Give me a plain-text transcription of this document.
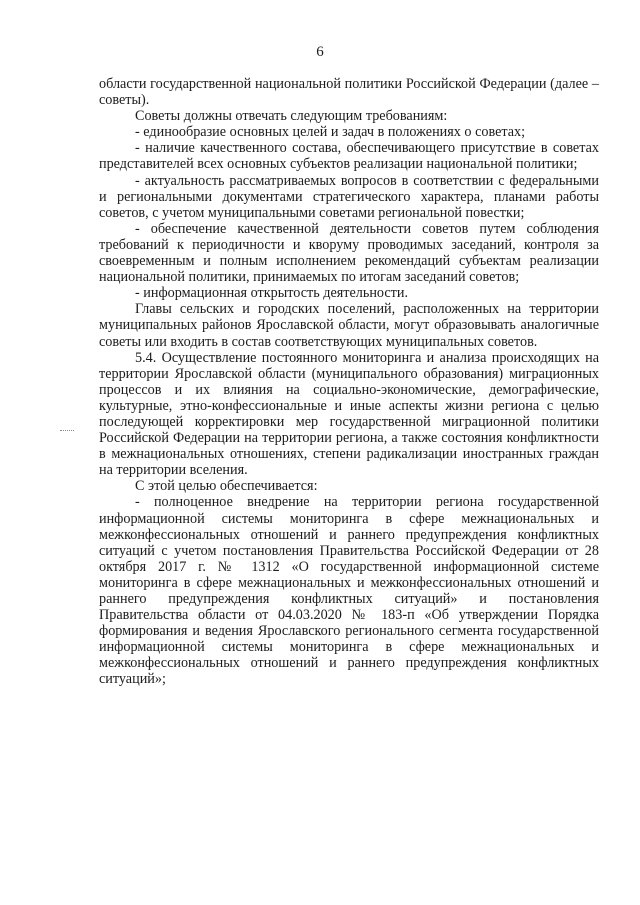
6

области государственной национальной политики Российской Федерации (далее – советы).

Советы должны отвечать следующим требованиям:

- единообразие основных целей и задач в положениях о советах;

- наличие качественного состава, обеспечивающего присутствие в советах представителей всех основных субъектов реализации национальной политики;

- актуальность рассматриваемых вопросов в соответствии с федеральными и региональными документами стратегического характера, планами работы советов, с учетом муниципальными советами региональной повестки;

- обеспечение качественной деятельности советов путем соблюдения требований к периодичности и кворуму проводимых заседаний, контроля за своевременным и полным исполнением рекомендаций субъектам реализации национальной политики, принимаемых по итогам заседаний советов;

- информационная открытость деятельности.

Главы сельских и городских поселений, расположенных на территории муниципальных районов Ярославской области, могут образовывать аналогичные советы или входить в состав соответствующих муниципальных советов.

5.4. Осуществление постоянного мониторинга и анализа происходящих на территории Ярославской области (муниципального образования) миграционных процессов и их влияния на социально-экономические, демографические, культурные, этно-конфессиональные и иные аспекты жизни региона с целью последующей корректировки мер государственной миграционной политики Российской Федерации на территории региона, а также состояния конфликтности в межнациональных отношениях, степени радикализации иностранных граждан на территории вселения.

С этой целью обеспечивается:

- полноценное внедрение на территории региона государственной информационной системы мониторинга в сфере межнациональных и межконфессиональных отношений и раннего предупреждения конфликтных ситуаций с учетом постановления Правительства Российской Федерации от 28 октября 2017 г. № 1312 «О государственной информационной системе мониторинга в сфере межнациональных и межконфессиональных отношений и раннего предупреждения конфликтных ситуаций» и постановления Правительства области от 04.03.2020 № 183-п «Об утверждении Порядка формирования и ведения Ярославского регионального сегмента государственной информационной системы мониторинга в сфере межнациональных и межконфессиональных отношений и раннего предупреждения конфликтных ситуаций»;
